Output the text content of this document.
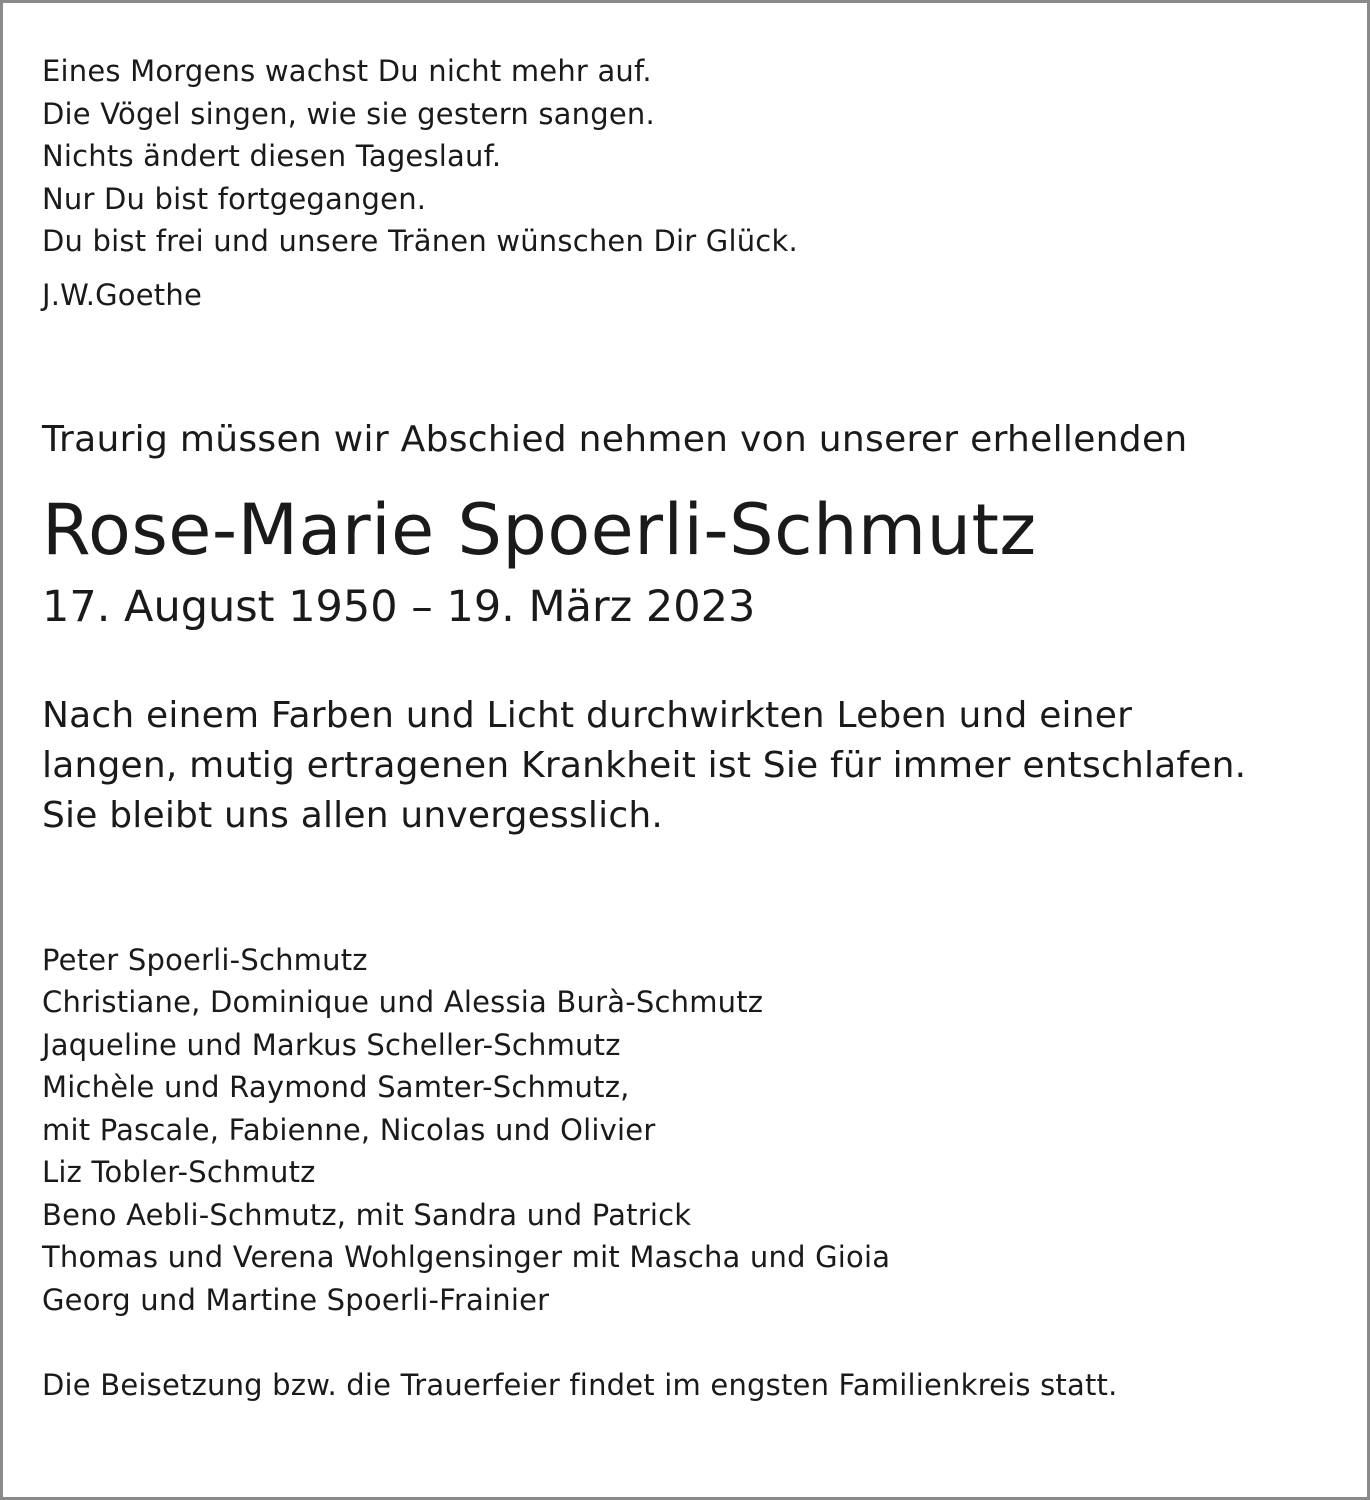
Eines Morgens wachst Du nicht mehr auf.
Die Vögel singen, wie sie gestern sangen.
Nichts ändert diesen Tageslauf.
Nur Du bist fortgegangen.
Du bist frei und unsere Tränen wünschen Dir Glück.
J.W.Goethe
Traurig müssen wir Abschied nehmen von unserer erhellenden
Rose-Marie Spoerli-Schmutz
17. August 1950 – 19. März 2023
Nach einem Farben und Licht durchwirkten Leben und einer
langen, mutig ertragenen Krankheit ist Sie für immer entschlafen.
Sie bleibt uns allen unvergesslich.
Peter Spoerli-Schmutz
Christiane, Dominique und Alessia Burà-Schmutz
Jaqueline und Markus Scheller-Schmutz
Michèle und Raymond Samter-Schmutz,
mit Pascale, Fabienne, Nicolas und Olivier
Liz Tobler-Schmutz
Beno Aebli-Schmutz, mit Sandra und Patrick
Thomas und Verena Wohlgensinger mit Mascha und Gioia
Georg und Martine Spoerli-Frainier
Die Beisetzung bzw. die Trauerfeier findet im engsten Familienkreis statt.
